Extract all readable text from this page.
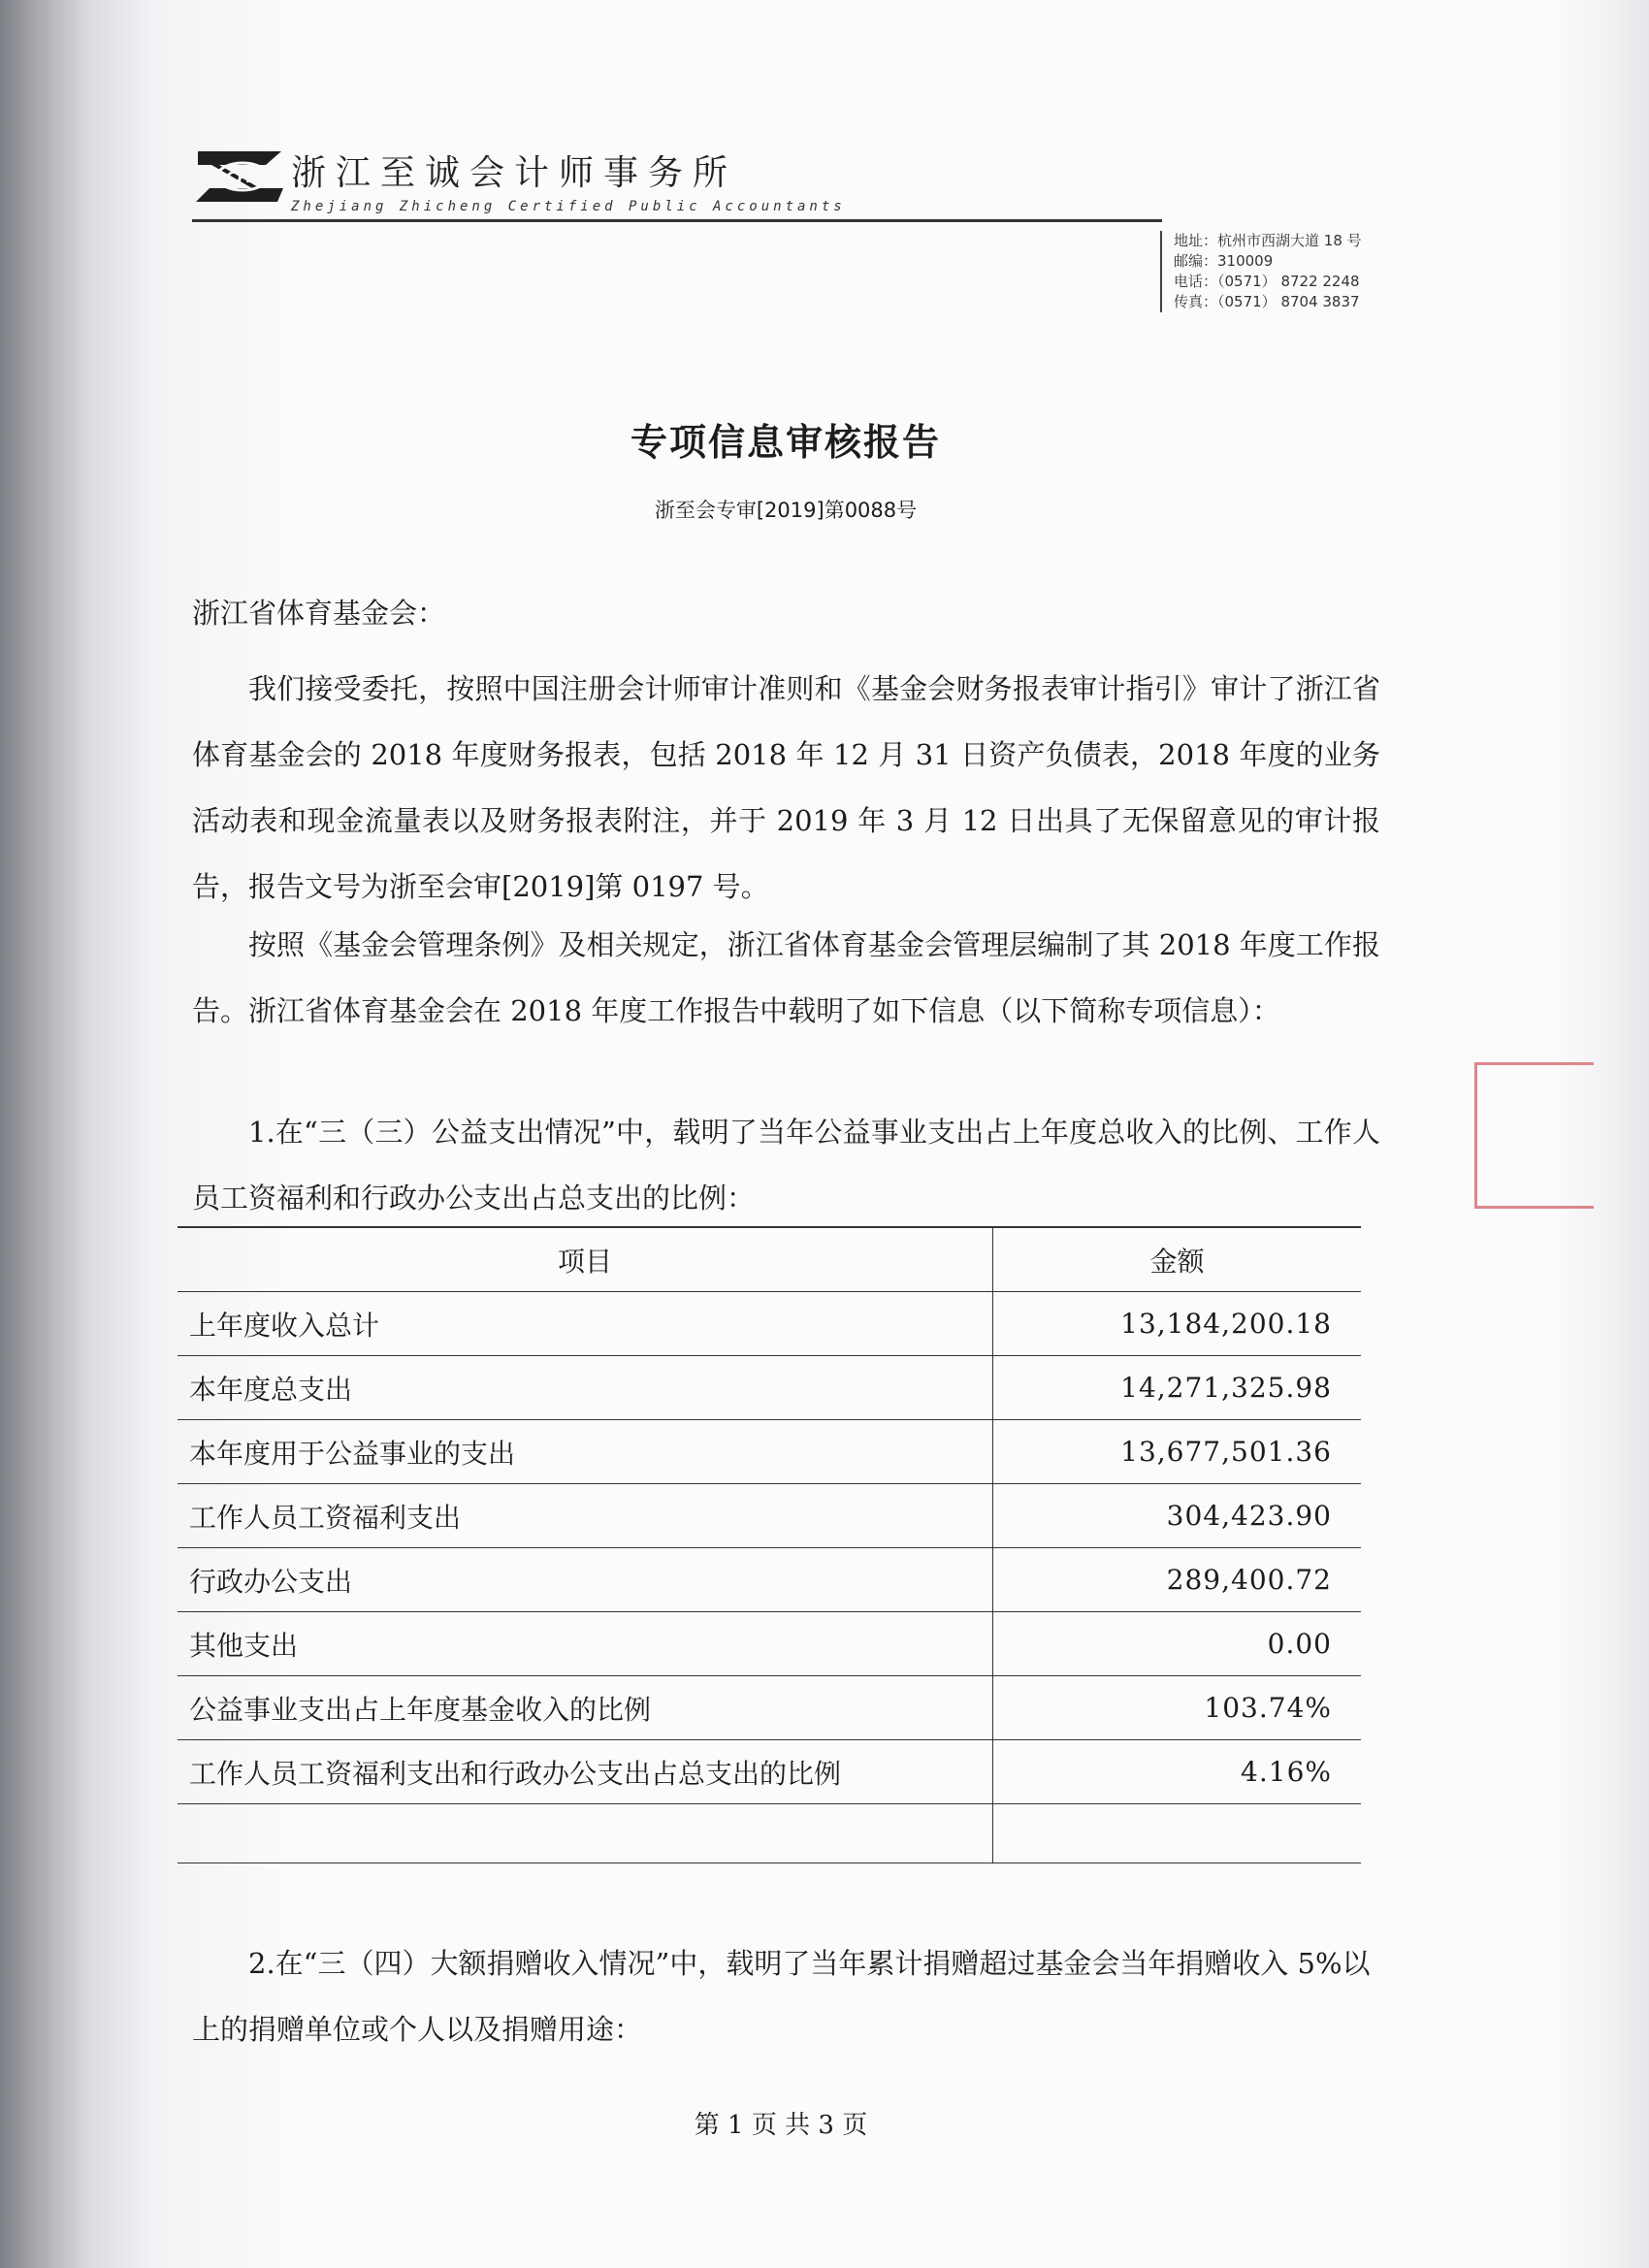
CPA 浙江至诚会计师事务所
Zhejiang Zhicheng Certified Public Accountants
地址：杭州市西湖大道 18 号
邮编：310009
电话：（0571） 8722 2248
传真：（0571） 8704 3837
专项信息审核报告
浙至会专审[2019]第0088号
浙江省体育基金会：

我们接受委托，按照中国注册会计师审计准则和《基金会财务报表审计指引》审计了浙江省体育基金会的 2018 年度财务报表，包括 2018 年 12 月 31 日资产负债表，2018 年度的业务活动表和现金流量表以及财务报表附注，并于 2019 年 3 月 12 日出具了无保留意见的审计报告，报告文号为浙至会审[2019]第 0197 号。

按照《基金会管理条例》及相关规定，浙江省体育基金会管理层编制了其 2018 年度工作报告。浙江省体育基金会在 2018 年度工作报告中载明了如下信息（以下简称专项信息）：

1.在“三（三）公益支出情况”中，载明了当年公益事业支出占上年度总收入的比例、工作人员工资福利和行政办公支出占总支出的比例：

项目	金额
上年度收入总计	13,184,200.18
本年度总支出	14,271,325.98
本年度用于公益事业的支出	13,677,501.36
工作人员工资福利支出	304,423.90
行政办公支出	289,400.72
其他支出	0.00
公益事业支出占上年度基金收入的比例	103.74%
工作人员工资福利支出和行政办公支出占总支出的比例	4.16%

2.在“三（四）大额捐赠收入情况”中，载明了当年累计捐赠超过基金会当年捐赠收入 5%以上的捐赠单位或个人以及捐赠用途：

第 1 页 共 3 页
